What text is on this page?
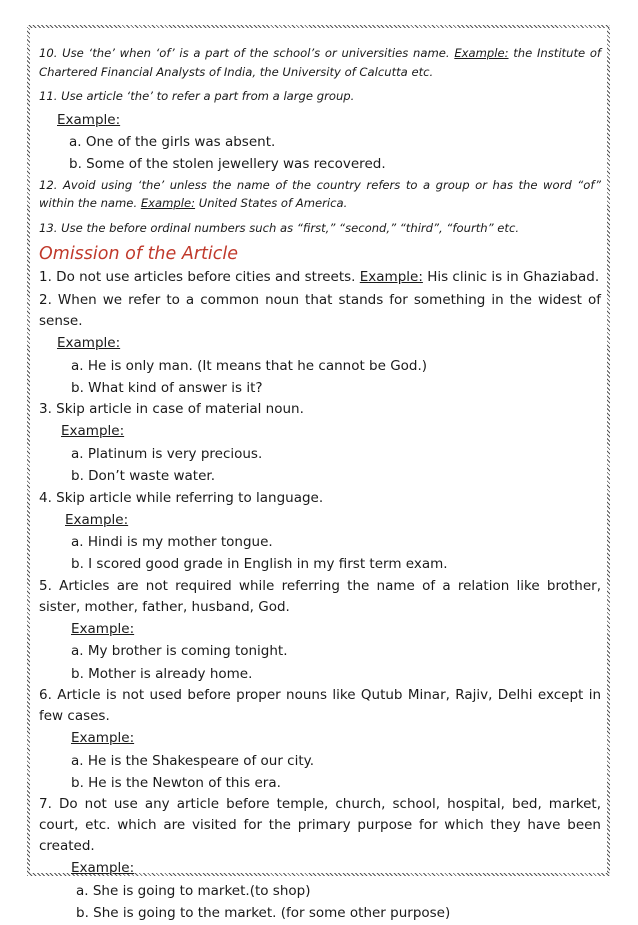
10. Use ‘the’ when ‘of’ is a part of the school’s or universities name. Example: the Institute of Chartered Financial Analysts of India, the University of Calcutta etc.

11. Use article ‘the’ to refer a part from a large group.

Example:

a. One of the girls was absent.

b. Some of the stolen jewellery was recovered.

12. Avoid using ‘the’ unless the name of the country refers to a group or has the word “of” within the name. Example: United States of America.

13. Use the before ordinal numbers such as “first,” “second,” “third”, “fourth” etc.

Omission of the Article

1. Do not use articles before cities and streets. Example: His clinic is in Ghaziabad.

2. When we refer to a common noun that stands for something in the widest of sense.

Example:

a. He is only man. (It means that he cannot be God.)

b. What kind of answer is it?

3. Skip article in case of material noun.

Example:

a. Platinum is very precious.

b. Don’t waste water.

4. Skip article while referring to language.

Example:

a. Hindi is my mother tongue.

b. I scored good grade in English in my first term exam.

5. Articles are not required while referring the name of a relation like brother, sister, mother, father, husband, God.

Example:

a. My brother is coming tonight.

b. Mother is already home.

6. Article is not used before proper nouns like Qutub Minar, Rajiv, Delhi except in few cases.

Example:

a. He is the Shakespeare of our city.

b. He is the Newton of this era.

7. Do not use any article before temple, church, school, hospital, bed, market, court, etc. which are visited for the primary purpose for which they have been created.

Example:

a. She is going to market.(to shop)

b. She is going to the market. (for some other purpose)
